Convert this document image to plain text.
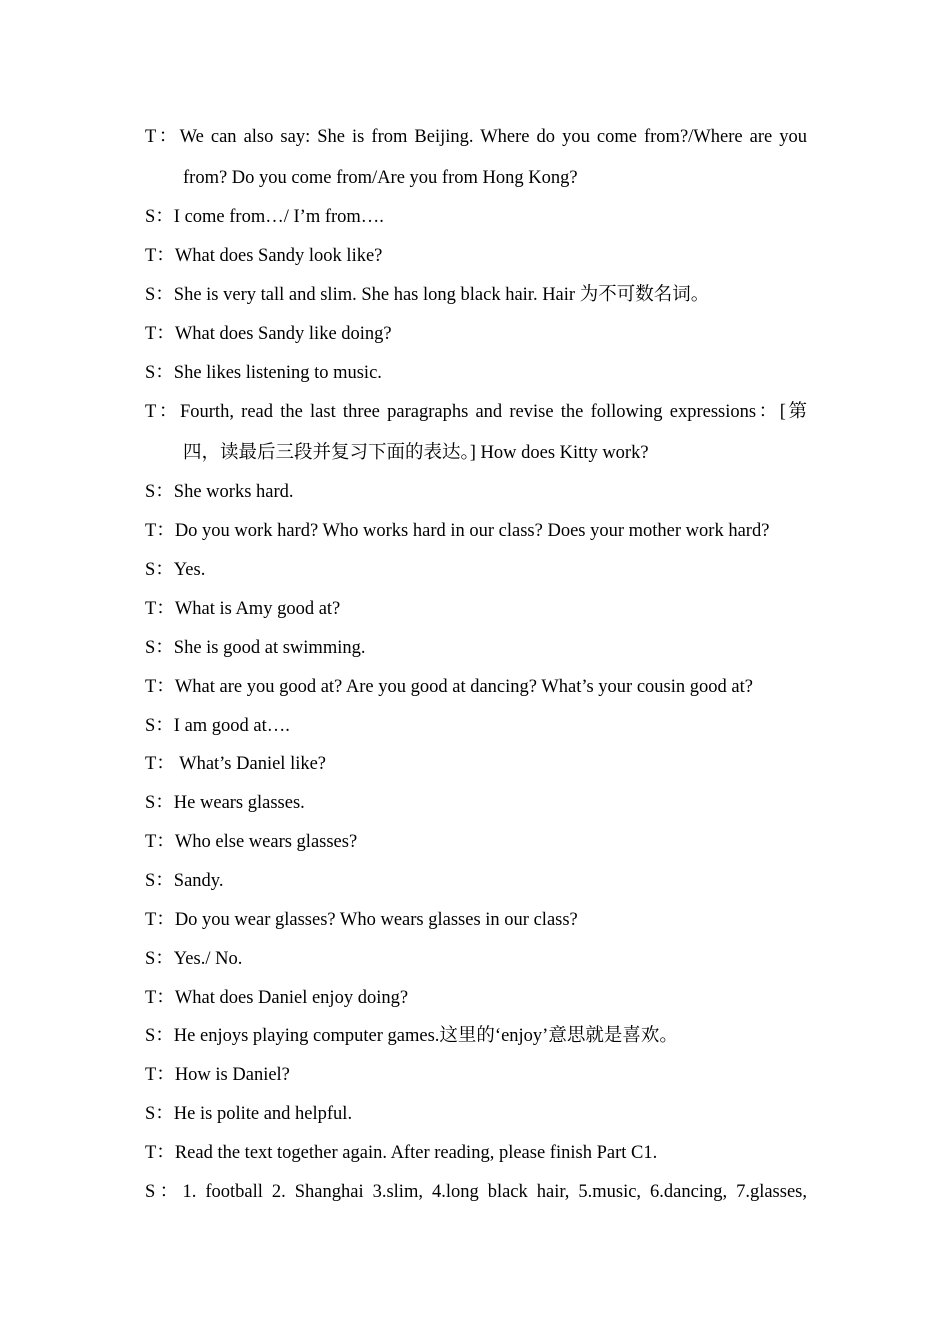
T：We can also say: She is from Beijing. Where do you come from?/Where are you
from? Do you come from/Are you from Hong Kong?
S：I come from…/ I’m from….
T：What does Sandy look like?
S：She is very tall and slim. She has long black hair. Hair 为不可数名词。
T：What does Sandy like doing?
S：She likes listening to music.
T：Fourth, read the last three paragraphs and revise the following expressions：[第
四，读最后三段并复习下面的表达。] How does Kitty work?
S：She works hard.
T：Do you work hard? Who works hard in our class? Does your mother work hard?
S：Yes.
T：What is Amy good at?
S：She is good at swimming.
T：What are you good at? Are you good at dancing? What’s your cousin good at?
S：I am good at….
T： What’s Daniel like?
S：He wears glasses.
T：Who else wears glasses?
S：Sandy.
T：Do you wear glasses? Who wears glasses in our class?
S：Yes./ No.
T：What does Daniel enjoy doing?
S：He enjoys playing computer games.这里的‘enjoy’意思就是喜欢。
T：How is Daniel?
S：He is polite and helpful.
T：Read the text together again. After reading, please finish Part C1.
S：1. football 2. Shanghai 3.slim, 4.long black hair, 5.music, 6.dancing, 7.glasses,
